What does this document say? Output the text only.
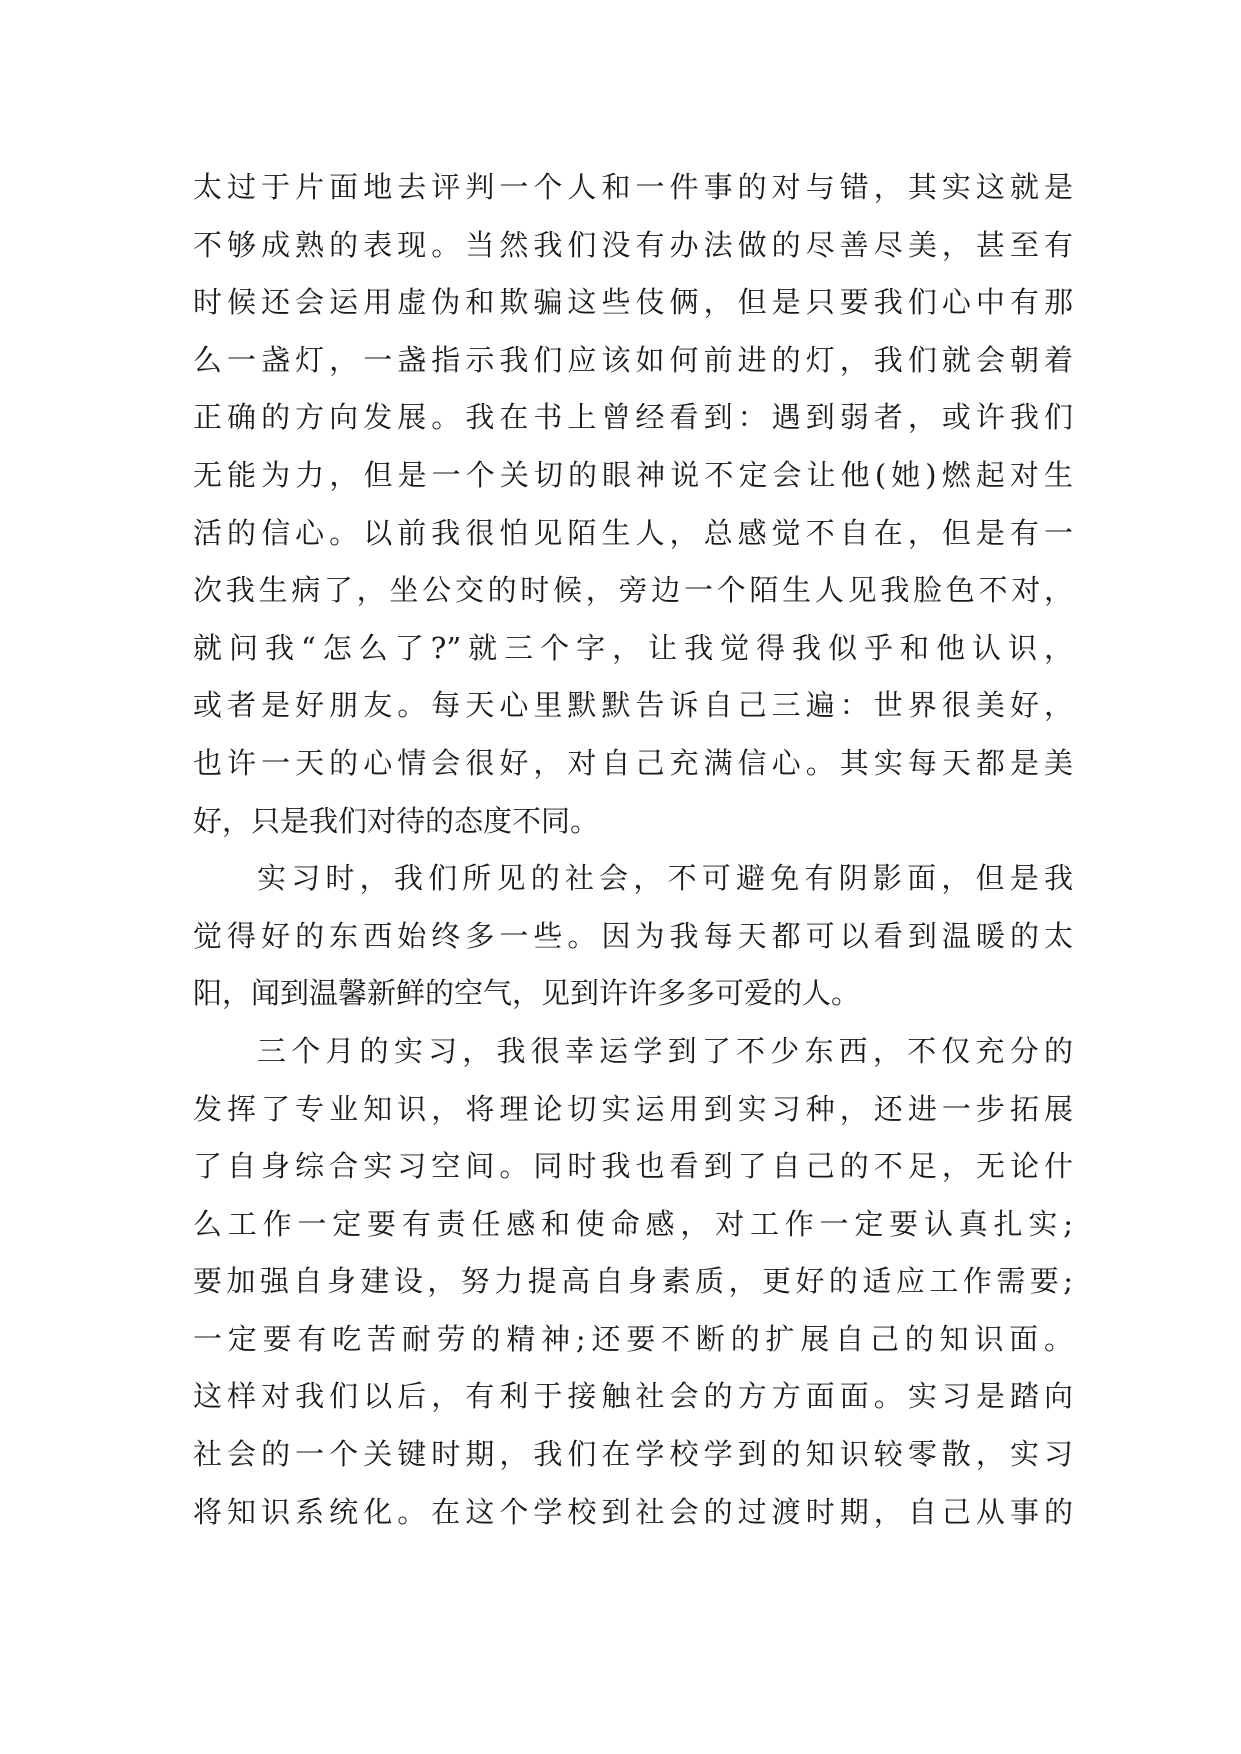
太过于片面地去评判一个人和一件事的对与错，其实这就是
不够成熟的表现。当然我们没有办法做的尽善尽美，甚至有
时候还会运用虚伪和欺骗这些伎俩，但是只要我们心中有那
么一盏灯，一盏指示我们应该如何前进的灯，我们就会朝着
正确的方向发展。我在书上曾经看到：遇到弱者，或许我们
无能为力，但是一个关切的眼神说不定会让他(她)燃起对生
活的信心。以前我很怕见陌生人，总感觉不自在，但是有一
次我生病了，坐公交的时候，旁边一个陌生人见我脸色不对，
就问我“怎么了?”就三个字，让我觉得我似乎和他认识，
或者是好朋友。每天心里默默告诉自己三遍：世界很美好，
也许一天的心情会很好，对自己充满信心。其实每天都是美
好，只是我们对待的态度不同。
实习时，我们所见的社会，不可避免有阴影面，但是我
觉得好的东西始终多一些。因为我每天都可以看到温暖的太
阳，闻到温馨新鲜的空气，见到许许多多可爱的人。
三个月的实习，我很幸运学到了不少东西，不仅充分的
发挥了专业知识，将理论切实运用到实习种，还进一步拓展
了自身综合实习空间。同时我也看到了自己的不足，无论什
么工作一定要有责任感和使命感，对工作一定要认真扎实;
要加强自身建设，努力提高自身素质，更好的适应工作需要;
一定要有吃苦耐劳的精神;还要不断的扩展自己的知识面。
这样对我们以后，有利于接触社会的方方面面。实习是踏向
社会的一个关键时期，我们在学校学到的知识较零散，实习
将知识系统化。在这个学校到社会的过渡时期，自己从事的
